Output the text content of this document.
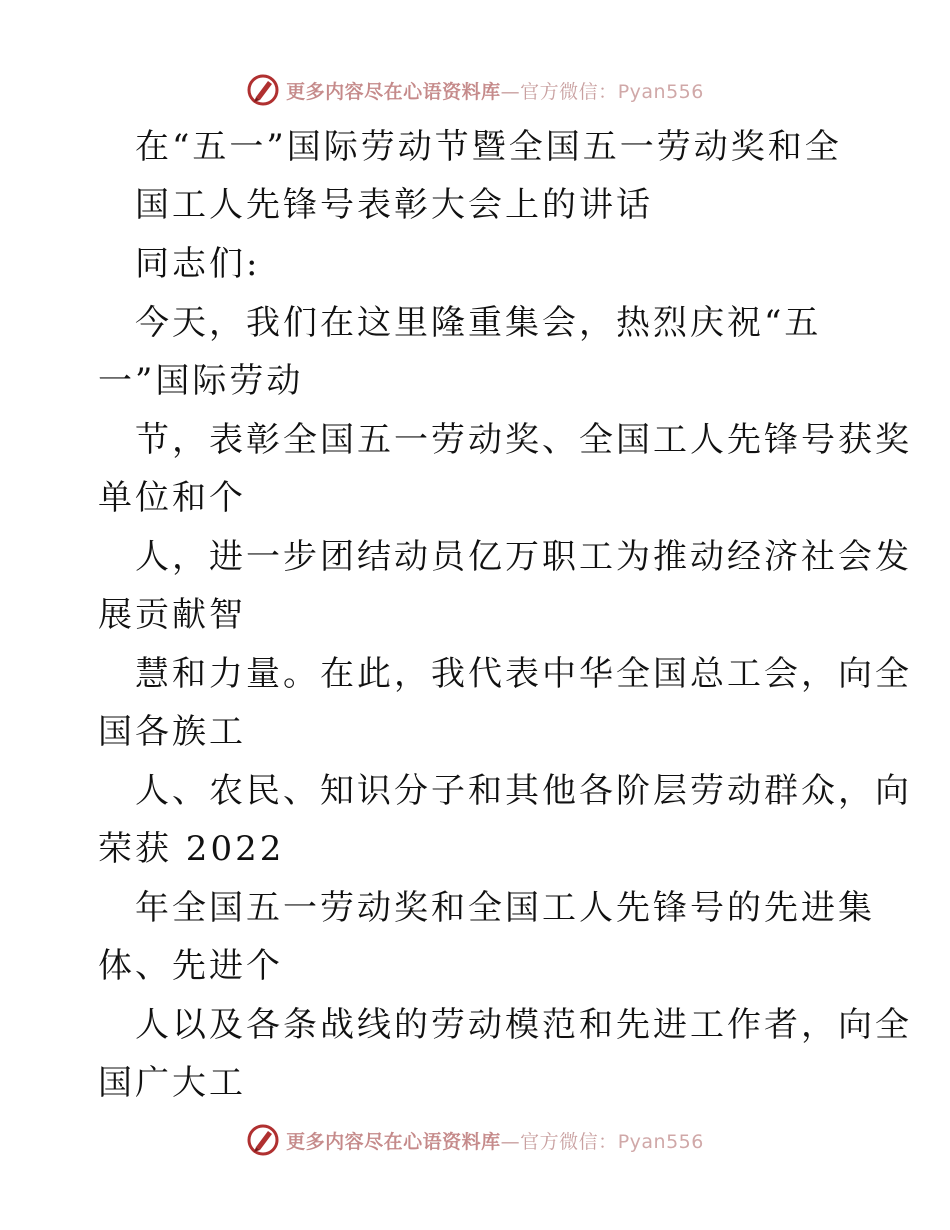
更多内容尽在心语资料库—官方微信：Pyan556
在“五一”国际劳动节暨全国五一劳动奖和全
国工人先锋号表彰大会上的讲话
同志们:
今天，我们在这里隆重集会，热烈庆祝“五
一”国际劳动
节，表彰全国五一劳动奖、全国工人先锋号获奖
单位和个
人，进一步团结动员亿万职工为推动经济社会发
展贡献智
慧和力量。在此，我代表中华全国总工会，向全
国各族工
人、农民、知识分子和其他各阶层劳动群众，向
荣获 2022
年全国五一劳动奖和全国工人先锋号的先进集
体、先进个
人以及各条战线的劳动模范和先进工作者，向全
国广大工
更多内容尽在心语资料库—官方微信：Pyan556
